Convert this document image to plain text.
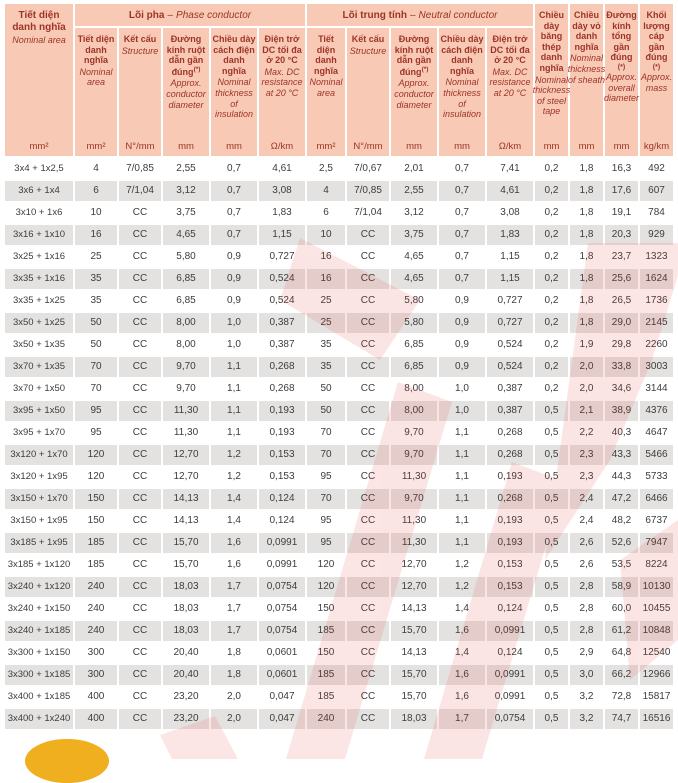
Tiết diện danh nghĩa
Nominal area
mm²
Lõi pha – Phase conductor	Lõi trung tính – Neutral conductor
Tiết diện danh nghĩa
Nominal area
mm²
Kết cấu
Structure
N°/mm
Đường kính ruột dẫn gần đúng(*)
Approx. conductor diameter
mm
Chiều dày cách điện danh nghĩa
Nominal thickness of insulation
mm
Điện trở DC tối đa ở 20 °C
Max. DC resistance at 20 °C
Ω/km
Tiết diện danh nghĩa
Nominal area
mm²
Kết cấu
Structure
N°/mm
Đường kính ruột dẫn gần đúng(*)
Approx. conductor diameter
mm
Chiều dày cách điện danh nghĩa
Nominal thickness of insulation
mm
Điện trở DC tối đa ở 20 °C
Max. DC resistance at 20 °C
Ω/km
Chiều dày băng thép danh nghĩa
Nominal thickness of steel tape
mm
Chiều dày vỏ danh nghĩa
Nominal thickness of sheath
mm
Đường kính tổng gần đúng
(*)
Approx. overall diameter
mm
Khối lượng cáp gần đúng
(*)
Approx. mass
kg/km
3x4 + 1x2,5	4	7/0,85	2,55	0,7	4,61	2,5	7/0,67	2,01	0,7	7,41	0,2	1,8	16,3	492
3x6 + 1x4	6	7/1,04	3,12	0,7	3,08	4	7/0,85	2,55	0,7	4,61	0,2	1,8	17,6	607
3x10 + 1x6	10	CC	3,75	0,7	1,83	6	7/1,04	3,12	0,7	3,08	0,2	1,8	19,1	784
3x16 + 1x10	16	CC	4,65	0,7	1,15	10	CC	3,75	0,7	1,83	0,2	1,8	20,3	929
3x25 + 1x16	25	CC	5,80	0,9	0,727	16	CC	4,65	0,7	1,15	0,2	1,8	23,7	1323
3x35 + 1x16	35	CC	6,85	0,9	0,524	16	CC	4,65	0,7	1,15	0,2	1,8	25,6	1624
3x35 + 1x25	35	CC	6,85	0,9	0,524	25	CC	5,80	0,9	0,727	0,2	1,8	26,5	1736
3x50 + 1x25	50	CC	8,00	1,0	0,387	25	CC	5,80	0,9	0,727	0,2	1,8	29,0	2145
3x50 + 1x35	50	CC	8,00	1,0	0,387	35	CC	6,85	0,9	0,524	0,2	1,9	29,8	2260
3x70 + 1x35	70	CC	9,70	1,1	0,268	35	CC	6,85	0,9	0,524	0,2	2,0	33,8	3003
3x70 + 1x50	70	CC	9,70	1,1	0,268	50	CC	8,00	1,0	0,387	0,2	2,0	34,6	3144
3x95 + 1x50	95	CC	11,30	1,1	0,193	50	CC	8,00	1,0	0,387	0,5	2,1	38,9	4376
3x95 + 1x70	95	CC	11,30	1,1	0,193	70	CC	9,70	1,1	0,268	0,5	2,2	40,3	4647
3x120 + 1x70	120	CC	12,70	1,2	0,153	70	CC	9,70	1,1	0,268	0,5	2,3	43,3	5466
3x120 + 1x95	120	CC	12,70	1,2	0,153	95	CC	11,30	1,1	0,193	0,5	2,3	44,3	5733
3x150 + 1x70	150	CC	14,13	1,4	0,124	70	CC	9,70	1,1	0,268	0,5	2,4	47,2	6466
3x150 + 1x95	150	CC	14,13	1,4	0,124	95	CC	11,30	1,1	0,193	0,5	2,4	48,2	6737
3x185 + 1x95	185	CC	15,70	1,6	0,0991	95	CC	11,30	1,1	0,193	0,5	2,6	52,6	7947
3x185 + 1x120	185	CC	15,70	1,6	0,0991	120	CC	12,70	1,2	0,153	0,5	2,6	53,5	8224
3x240 + 1x120	240	CC	18,03	1,7	0,0754	120	CC	12,70	1,2	0,153	0,5	2,8	58,9	10130
3x240 + 1x150	240	CC	18,03	1,7	0,0754	150	CC	14,13	1,4	0,124	0,5	2,8	60,0	10455
3x240 + 1x185	240	CC	18,03	1,7	0,0754	185	CC	15,70	1,6	0,0991	0,5	2,8	61,2	10848
3x300 + 1x150	300	CC	20,40	1,8	0,0601	150	CC	14,13	1,4	0,124	0,5	2,9	64,8	12540
3x300 + 1x185	300	CC	20,40	1,8	0,0601	185	CC	15,70	1,6	0,0991	0,5	3,0	66,2	12966
3x400 + 1x185	400	CC	23,20	2,0	0,047	185	CC	15,70	1,6	0,0991	0,5	3,2	72,8	15817
3x400 + 1x240	400	CC	23,20	2,0	0,047	240	CC	18,03	1,7	0,0754	0,5	3,2	74,7	16516
